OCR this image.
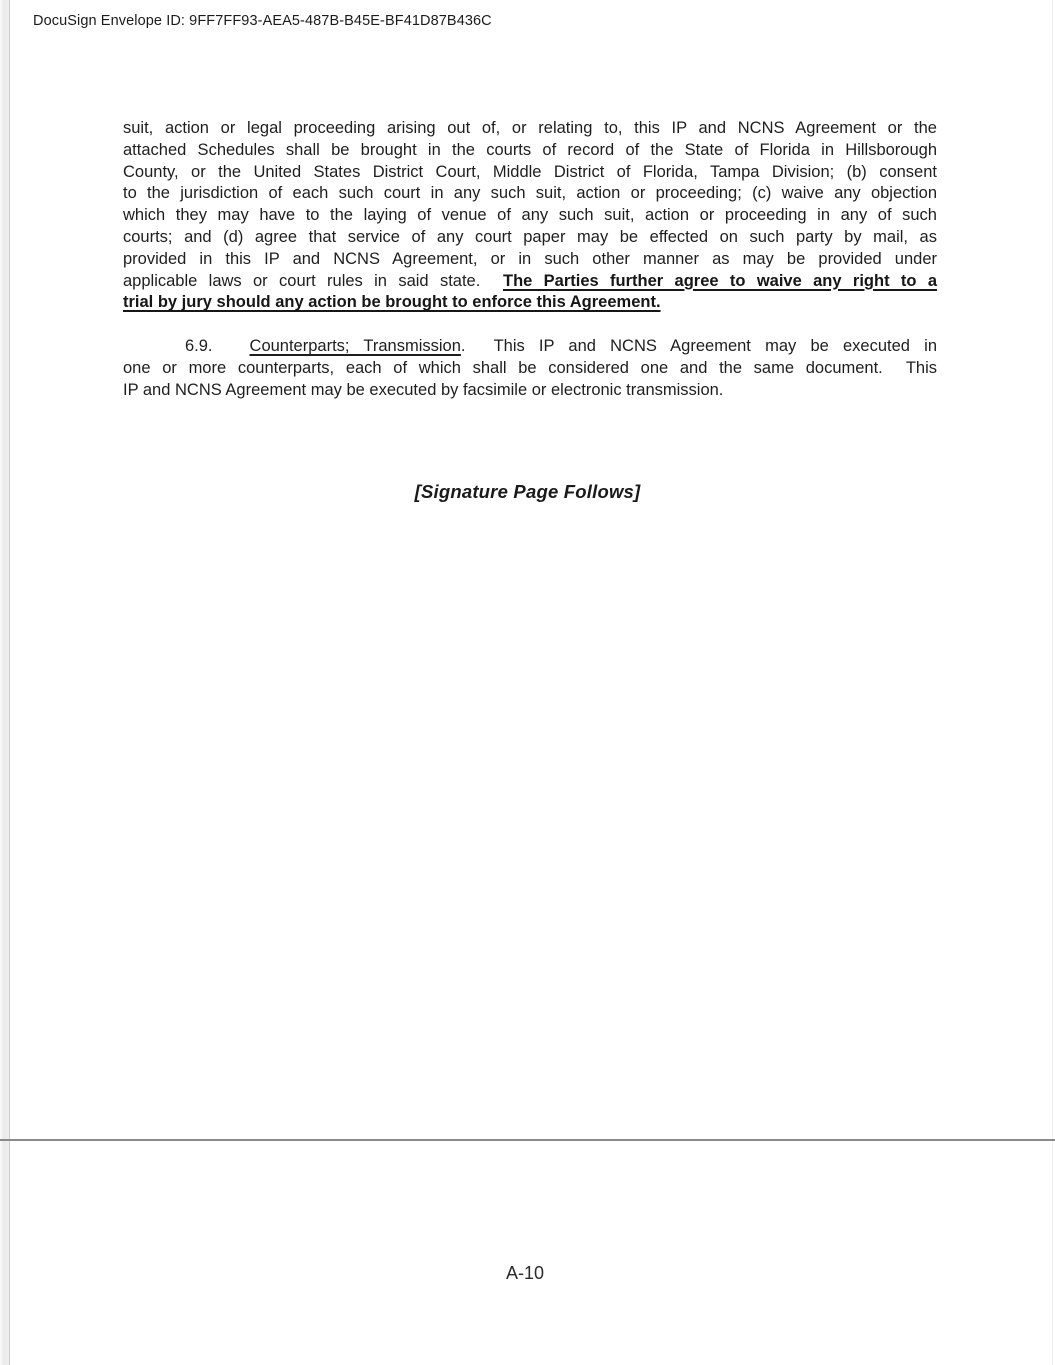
DocuSign Envelope ID: 9FF7FF93-AEA5-487B-B45E-BF41D87B436C
suit, action or legal proceeding arising out of, or relating to, this IP and NCNS Agreement or the
attached Schedules shall be brought in the courts of record of the State of Florida in Hillsborough
County, or the United States District Court, Middle District of Florida, Tampa Division; (b) consent
to the jurisdiction of each such court in any such suit, action or proceeding; (c) waive any objection
which they may have to the laying of venue of any such suit, action or proceeding in any of such
courts; and (d) agree that service of any court paper may be effected on such party by mail, as
provided in this IP and NCNS Agreement, or in such other manner as may be provided under
applicable laws or court rules in said state.  The Parties further agree to waive any right to a
trial by jury should any action be brought to enforce this Agreement.
6.9. Counterparts; Transmission.  This IP and NCNS Agreement may be executed in
one or more counterparts, each of which shall be considered one and the same document.  This
IP and NCNS Agreement may be executed by facsimile or electronic transmission.
[Signature Page Follows]
A-10
